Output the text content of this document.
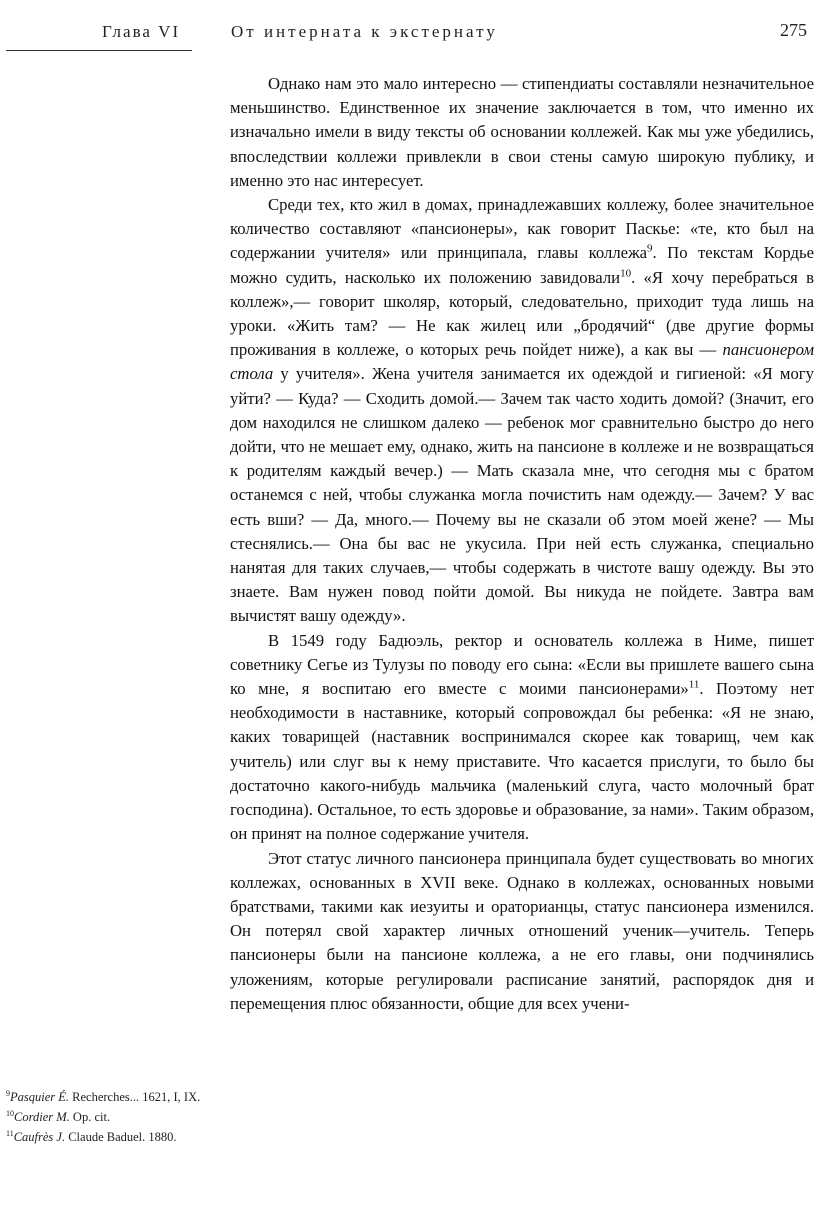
Глава VI	От интерната к экстернату	275

Однако нам это мало интересно — стипендиаты составляли незначительное меньшинство. Единственное их значение заключается в том, что именно их изначально имели в виду тексты об основании коллежей. Как мы уже убедились, впоследствии коллежи привлекли в свои стены самую широкую публику, и именно это нас интересует.

Среди тех, кто жил в домах, принадлежавших коллежу, более значительное количество составляют «пансионеры», как говорит Паскье: «те, кто был на содержании учителя» или принципала, главы коллежа$^9$. По текстам Кордье можно судить, насколько их положению завидовали$^{10}$. «Я хочу перебраться в коллеж»,— говорит школяр, который, следовательно, приходит туда лишь на уроки. «Жить там? — Не как жилец или „бродячий“ (две другие формы проживания в коллеже, о которых речь пойдет ниже), а как вы — пансионером стола у учителя». Жена учителя занимается их одеждой и гигиеной: «Я могу уйти? — Куда? — Сходить домой.— Зачем так часто ходить домой? (Значит, его дом находился не слишком далеко — ребенок мог сравнительно быстро до него дойти, что не мешает ему, однако, жить на пансионе в коллеже и не возвращаться к родителям каждый вечер.) — Мать сказала мне, что сегодня мы с братом останемся с ней, чтобы служанка могла почистить нам одежду.— Зачем? У вас есть вши? — Да, много.— Почему вы не сказали об этом моей жене? — Мы стеснялись.— Она бы вас не укусила. При ней есть служанка, специально нанятая для таких случаев,— чтобы содержать в чистоте вашу одежду. Вы это знаете. Вам нужен повод пойти домой. Вы никуда не пойдете. Завтра вам вычистят вашу одежду».

В 1549 году Бадюэль, ректор и основатель коллежа в Ниме, пишет советнику Сегье из Тулузы по поводу его сына: «Если вы пришлете вашего сына ко мне, я воспитаю его вместе с моими пансионерами»$^{11}$. Поэтому нет необходимости в наставнике, который сопровождал бы ребенка: «Я не знаю, каких товарищей (наставник воспринимался скорее как товарищ, чем как учитель) или слуг вы к нему приставите. Что касается прислуги, то было бы достаточно какого-нибудь мальчика (маленький слуга, часто молочный брат господина). Остальное, то есть здоровье и образование, за нами». Таким образом, он принят на полное содержание учителя.

Этот статус личного пансионера принципала будет существовать во многих коллежах, основанных в XVII веке. Однако в коллежах, основанных новыми братствами, такими как иезуиты и ораторианцы, статус пансионера изменился. Он потерял свой характер личных отношений ученик—учитель. Теперь пансионеры были на пансионе коллежа, а не его главы, они подчинялись уложениям, которые регулировали расписание занятий, распорядок дня и перемещения плюс обязанности, общие для всех учени-

$^9$Pasquier É. Recherches... 1621, I, IX.
$^{10}$Cordier M. Op. cit.
$^{11}$Caufrès J. Claude Baduel. 1880.
